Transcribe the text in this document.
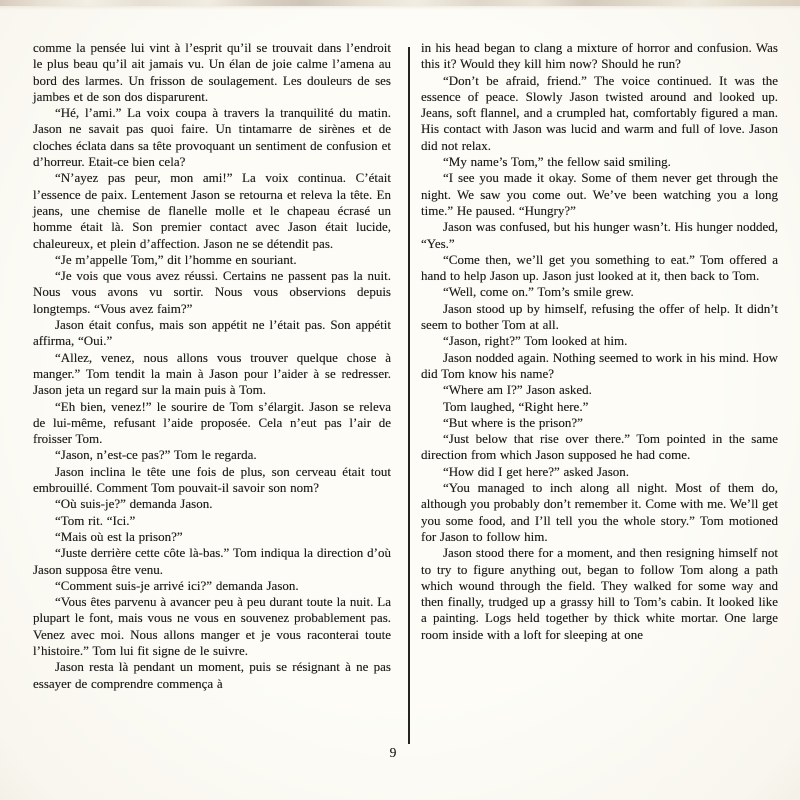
comme la pensée lui vint à l’esprit qu’il se trouvait dans l’endroit le plus beau qu’il ait jamais vu. Un élan de joie calme l’amena au bord des larmes. Un frisson de soulagement. Les douleurs de ses jambes et de son dos disparurent.

“Hé, l’ami.” La voix coupa à travers la tranquilité du matin. Jason ne savait pas quoi faire. Un tintamarre de sirènes et de cloches éclata dans sa tête provoquant un sentiment de confusion et d’horreur. Etait-ce bien cela?

“N’ayez pas peur, mon ami!” La voix continua. C’était l’essence de paix. Lentement Jason se retourna et releva la tête. En jeans, une chemise de flanelle molle et le chapeau écrasé un homme était là. Son premier contact avec Jason était lucide, chaleureux, et plein d’affection. Jason ne se détendit pas.

“Je m’appelle Tom,” dit l’homme en souriant.

“Je vois que vous avez réussi. Certains ne passent pas la nuit. Nous vous avons vu sortir. Nous vous observions depuis longtemps. “Vous avez faim?”

Jason était confus, mais son appétit ne l’était pas. Son appétit affirma, “Oui.”

“Allez, venez, nous allons vous trouver quelque chose à manger.” Tom tendit la main à Jason pour l’aider à se redresser. Jason jeta un regard sur la main puis à Tom.

“Eh bien, venez!” le sourire de Tom s’élargit. Jason se releva de lui-même, refusant l’aide proposée. Cela n’eut pas l’air de froisser Tom.

“Jason, n’est-ce pas?” Tom le regarda.

Jason inclina le tête une fois de plus, son cerveau était tout embrouillé. Comment Tom pouvait-il savoir son nom?

“Où suis-je?” demanda Jason.

“Tom rit. “Ici.”

“Mais où est la prison?”

“Juste derrière cette côte là-bas.” Tom indiqua la direction d’où Jason supposa être venu.

“Comment suis-je arrivé ici?” demanda Jason.

“Vous êtes parvenu à avancer peu à peu durant toute la nuit. La plupart le font, mais vous ne vous en souvenez probablement pas. Venez avec moi. Nous allons manger et je vous raconterai toute l’histoire.” Tom lui fit signe de le suivre.

Jason resta là pendant un moment, puis se résignant à ne pas essayer de comprendre commença à

in his head began to clang a mixture of horror and confusion. Was this it? Would they kill him now? Should he run?

“Don’t be afraid, friend.” The voice continued. It was the essence of peace. Slowly Jason twisted around and looked up. Jeans, soft flannel, and a crumpled hat, comfortably figured a man. His contact with Jason was lucid and warm and full of love. Jason did not relax.

“My name’s Tom,” the fellow said smiling.

“I see you made it okay. Some of them never get through the night. We saw you come out. We’ve been watching you a long time.” He paused. “Hungry?”

Jason was confused, but his hunger wasn’t. His hunger nodded, “Yes.”

“Come then, we’ll get you something to eat.” Tom offered a hand to help Jason up. Jason just looked at it, then back to Tom.

“Well, come on.” Tom’s smile grew.

Jason stood up by himself, refusing the offer of help. It didn’t seem to bother Tom at all.

“Jason, right?” Tom looked at him.

Jason nodded again. Nothing seemed to work in his mind. How did Tom know his name?

“Where am I?” Jason asked.

Tom laughed, “Right here.”

“But where is the prison?”

“Just below that rise over there.” Tom pointed in the same direction from which Jason supposed he had come.

“How did I get here?” asked Jason.

“You managed to inch along all night. Most of them do, although you probably don’t remember it. Come with me. We’ll get you some food, and I’ll tell you the whole story.” Tom motioned for Jason to follow him.

Jason stood there for a moment, and then resigning himself not to try to figure anything out, began to follow Tom along a path which wound through the field. They walked for some way and then finally, trudged up a grassy hill to Tom’s cabin. It looked like a painting. Logs held together by thick white mortar. One large room inside with a loft for sleeping at one

9
